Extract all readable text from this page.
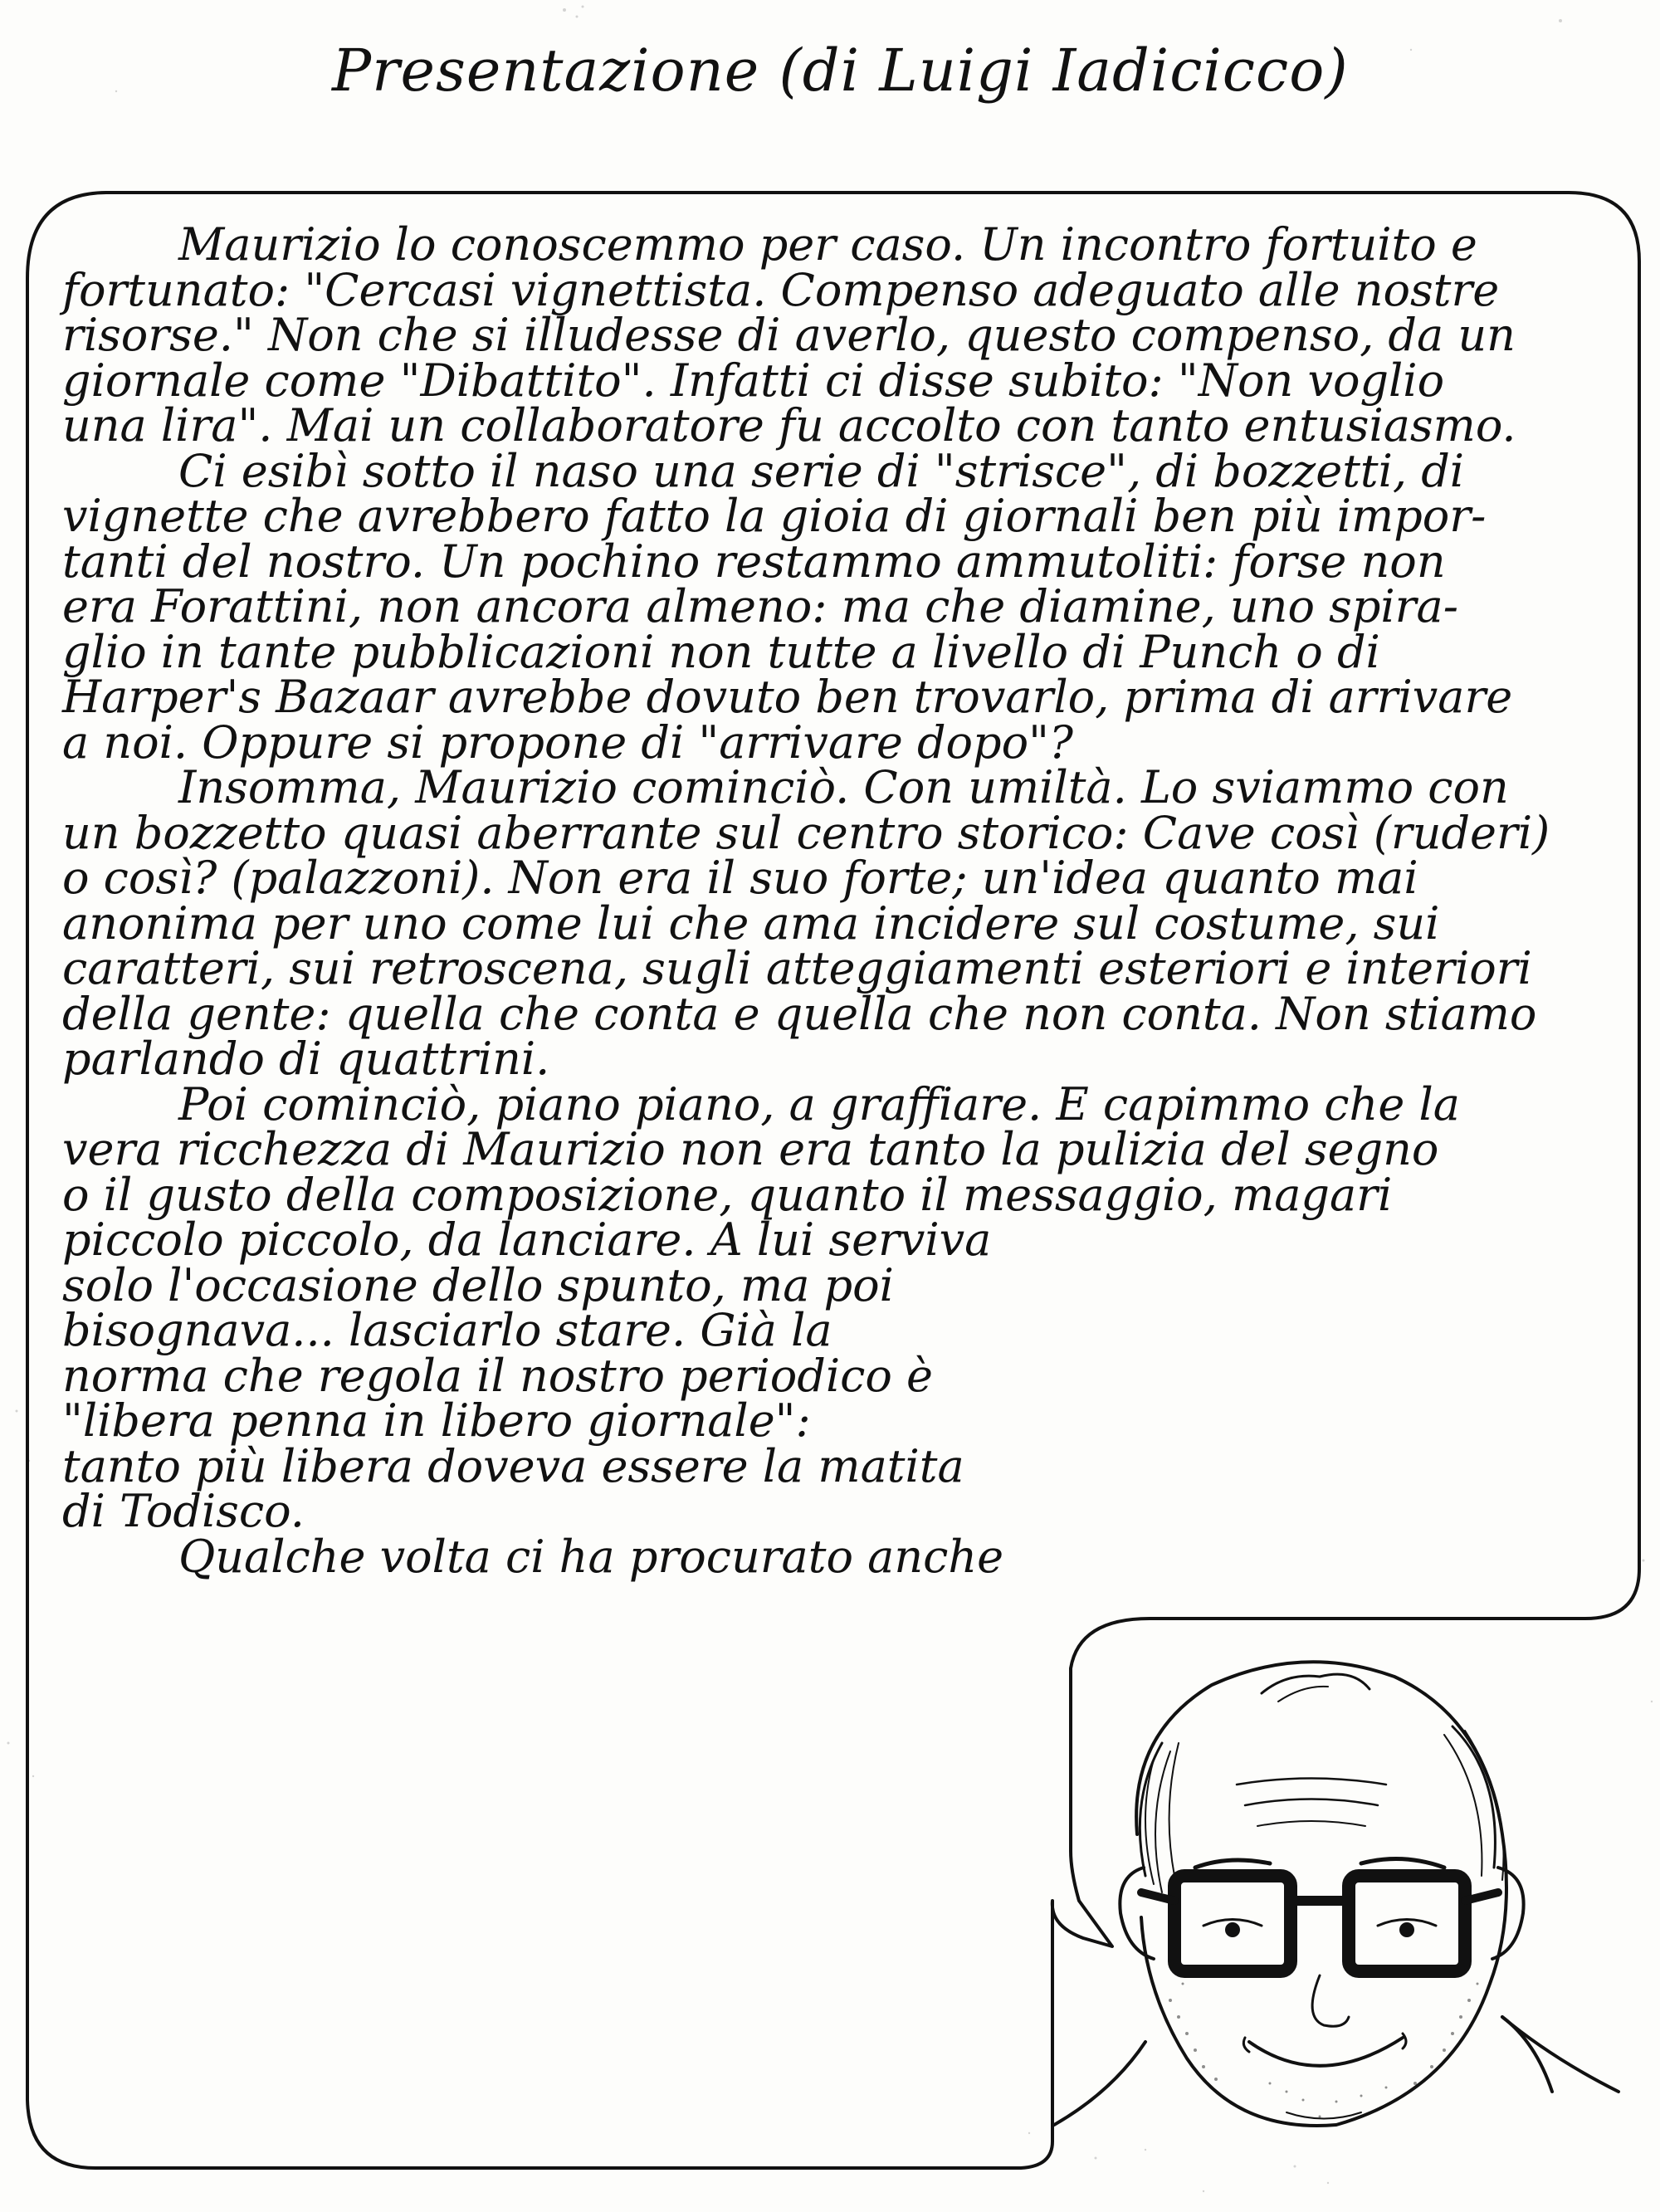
Presentazione (di Luigi Iadicicco)
Maurizio lo conoscemmo per caso. Un incontro fortuito e
fortunato: "Cercasi vignettista. Compenso adeguato alle nostre
risorse." Non che si illudesse di averlo, questo compenso, da un
giornale come "Dibattito". Infatti ci disse subito: "Non voglio
una lira". Mai un collaboratore fu accolto con tanto entusiasmo.
Ci esibì sotto il naso una serie di "strisce", di bozzetti, di
vignette che avrebbero fatto la gioia di giornali ben più impor-
tanti del nostro. Un pochino restammo ammutoliti: forse non
era Forattini, non ancora almeno: ma che diamine, uno spira-
glio in tante pubblicazioni non tutte a livello di Punch o di
Harper's Bazaar avrebbe dovuto ben trovarlo, prima di arrivare
a noi. Oppure si propone di "arrivare dopo"?
Insomma, Maurizio cominciò. Con umiltà. Lo sviammo con
un bozzetto quasi aberrante sul centro storico: Cave così (ruderi)
o così? (palazzoni). Non era il suo forte; un'idea quanto mai
anonima per uno come lui che ama incidere sul costume, sui
caratteri, sui retroscena, sugli atteggiamenti esteriori e interiori
della gente: quella che conta e quella che non conta. Non stiamo
parlando di quattrini.
Poi cominciò, piano piano, a graffiare. E capimmo che la
vera ricchezza di Maurizio non era tanto la pulizia del segno
o il gusto della composizione, quanto il messaggio, magari
piccolo piccolo, da lanciare. A lui serviva
solo l'occasione dello spunto, ma poi
bisognava... lasciarlo stare. Già la
norma che regola il nostro periodico è
"libera penna in libero giornale":
tanto più libera doveva essere la matita
di Todisco.
Qualche volta ci ha procurato anche
